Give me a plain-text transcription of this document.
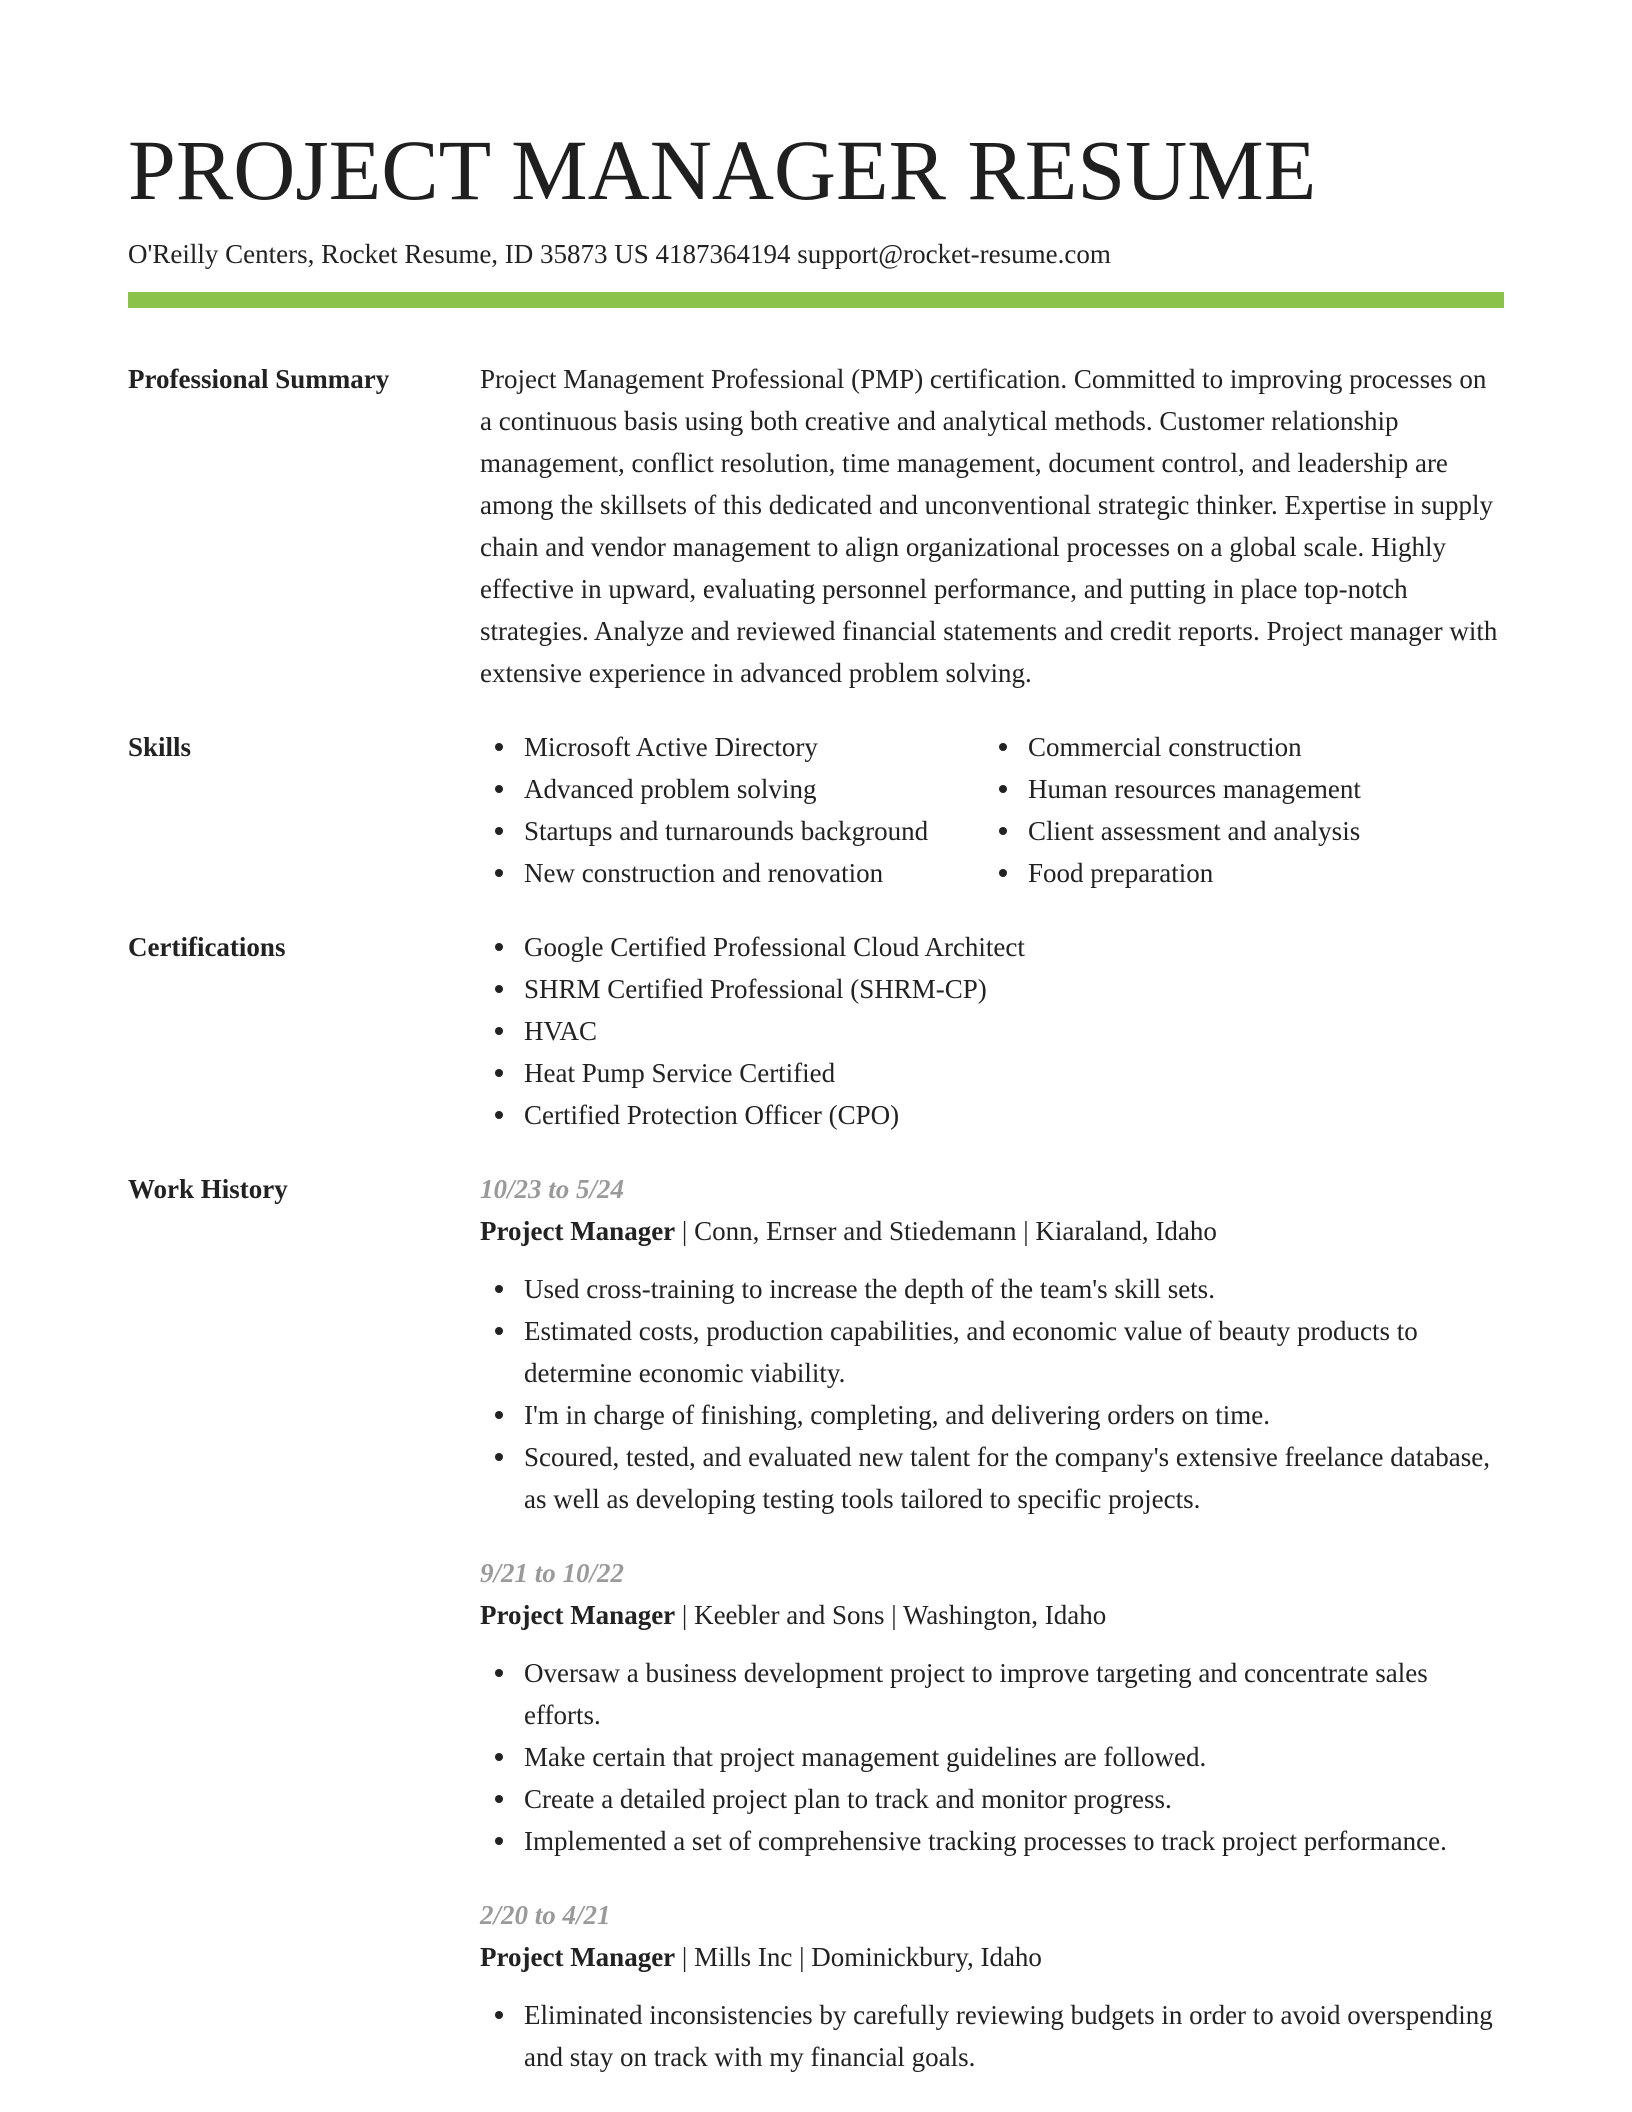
PROJECT MANAGER RESUME
O'Reilly Centers, Rocket Resume, ID 35873 US 4187364194 support@rocket-resume.com
Professional Summary	Project Management Professional (PMP) certification. Committed to improving processes on a continuous basis using both creative and analytical methods. Customer relationship management, conflict resolution, time management, document control, and leadership are among the skillsets of this dedicated and unconventional strategic thinker. Expertise in supply chain and vendor management to align organizational processes on a global scale. Highly effective in upward, evaluating personnel performance, and putting in place top-notch strategies. Analyze and reviewed financial statements and credit reports. Project manager with extensive experience in advanced problem solving.
Skills	Microsoft Active Directory
Advanced problem solving
Startups and turnarounds background
New construction and renovation
Commercial construction
Human resources management
Client assessment and analysis
Food preparation
Certifications	Google Certified Professional Cloud Architect
SHRM Certified Professional (SHRM-CP)
HVAC
Heat Pump Service Certified
Certified Protection Officer (CPO)
Work History	10/23 to 5/24
Project Manager | Conn, Ernser and Stiedemann | Kiaraland, Idaho
Used cross-training to increase the depth of the team's skill sets.
Estimated costs, production capabilities, and economic value of beauty products to determine economic viability.
I'm in charge of finishing, completing, and delivering orders on time.
Scoured, tested, and evaluated new talent for the company's extensive freelance database, as well as developing testing tools tailored to specific projects.
9/21 to 10/22
Project Manager | Keebler and Sons | Washington, Idaho
Oversaw a business development project to improve targeting and concentrate sales efforts.
Make certain that project management guidelines are followed.
Create a detailed project plan to track and monitor progress.
Implemented a set of comprehensive tracking processes to track project performance.
2/20 to 4/21
Project Manager | Mills Inc | Dominickbury, Idaho
Eliminated inconsistencies by carefully reviewing budgets in order to avoid overspending and stay on track with my financial goals.
